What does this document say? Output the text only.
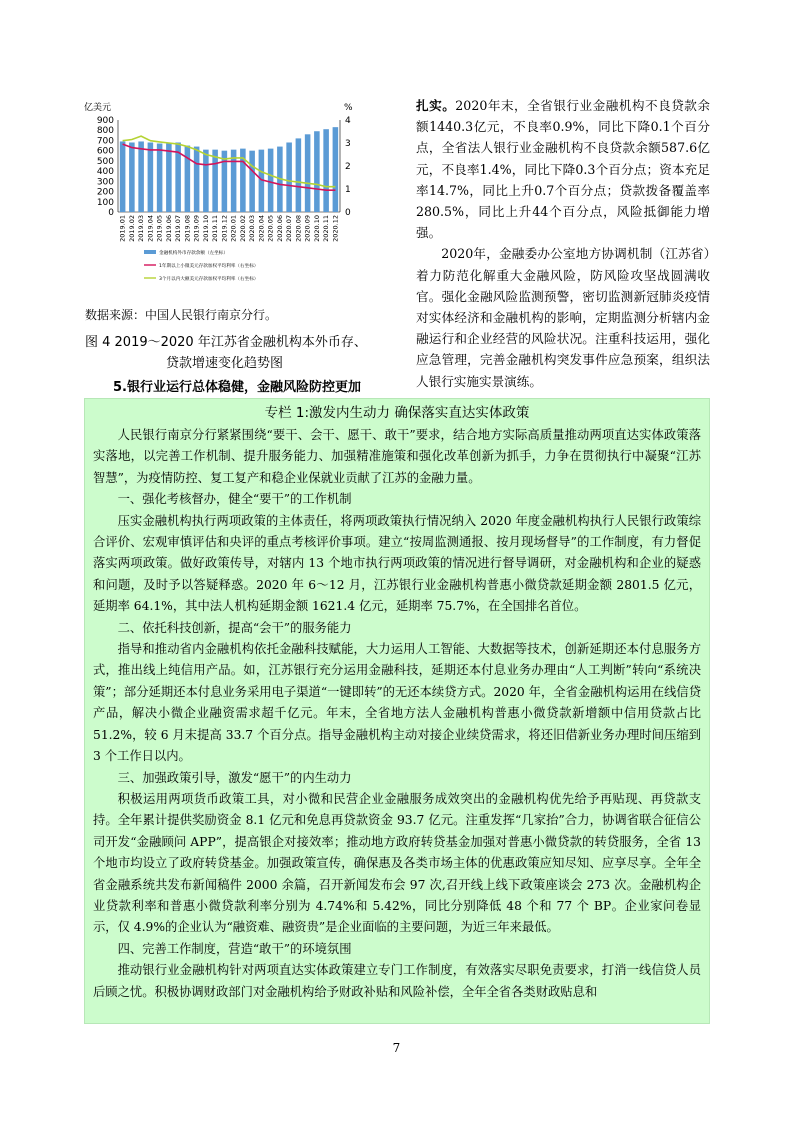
亿美元	%
0
100
200
300
400
500
600
700
800
900
0
1
2
3
4
2019.01 2019.02 2019.03 2019.04 2019.05 2019.06 2019.07 2019.08 2019.09 2019.10 2019.11 2019.12 2020.01 2020.02 2020.03 2020.04 2020.05 2020.06 2020.07 2020.08 2020.09 2020.10 2020.11 2020.12
金融机构外币存款余额（左坐标）
1年期以上小微美元存款加权平均利率（右坐标）
3个月以内大额美元存款加权平均利率（右坐标）
数据来源：中国人民银行南京分行。
图 4 2019～2020 年江苏省金融机构本外币存、
贷款增速变化趋势图
5.银行业运行总体稳健，金融风险防控更加

扎实。2020年末，全省银行业金融机构不良贷款余额1440.3亿元，不良率0.9%，同比下降0.1个百分点，全省法人银行业金融机构不良贷款余额587.6亿元，不良率1.4%，同比下降0.3个百分点；资本充足率14.7%，同比上升0.7个百分点；贷款拨备覆盖率280.5%，同比上升44个百分点，风险抵御能力增强。

2020年，金融委办公室地方协调机制（江苏省）着力防范化解重大金融风险，防风险攻坚战圆满收官。强化金融风险监测预警，密切监测新冠肺炎疫情对实体经济和金融机构的影响，定期监测分析辖内金融运行和企业经营的风险状况。注重科技运用，强化应急管理，完善金融机构突发事件应急预案，组织法人银行实施实景演练。

专栏 1:激发内生动力 确保落实直达实体政策

人民银行南京分行紧紧围绕“要干、会干、愿干、敢干”要求，结合地方实际高质量推动两项直达实体政策落实落地，以完善工作机制、提升服务能力、加强精准施策和强化改革创新为抓手，力争在贯彻执行中凝聚“江苏智慧”，为疫情防控、复工复产和稳企业保就业贡献了江苏的金融力量。

一、强化考核督办，健全“要干”的工作机制

压实金融机构执行两项政策的主体责任，将两项政策执行情况纳入 2020 年度金融机构执行人民银行政策综合评价、宏观审慎评估和央评的重点考核评价事项。建立“按周监测通报、按月现场督导”的工作制度，有力督促落实两项政策。做好政策传导，对辖内 13 个地市执行两项政策的情况进行督导调研，对金融机构和企业的疑惑和问题，及时予以答疑释惑。2020 年 6～12 月，江苏银行业金融机构普惠小微贷款延期金额 2801.5 亿元，延期率 64.1%，其中法人机构延期金额 1621.4 亿元，延期率 75.7%，在全国排名首位。

二、依托科技创新，提高“会干”的服务能力

指导和推动省内金融机构依托金融科技赋能，大力运用人工智能、大数据等技术，创新延期还本付息服务方式，推出线上纯信用产品。如，江苏银行充分运用金融科技，延期还本付息业务办理由“人工判断”转向“系统决策”；部分延期还本付息业务采用电子渠道“一键即转”的无还本续贷方式。2020 年，全省金融机构运用在线信贷产品，解决小微企业融资需求超千亿元。年末，全省地方法人金融机构普惠小微贷款新增额中信用贷款占比 51.2%，较 6 月末提高 33.7 个百分点。指导金融机构主动对接企业续贷需求，将还旧借新业务办理时间压缩到 3 个工作日以内。

三、加强政策引导，激发“愿干”的内生动力

积极运用两项货币政策工具，对小微和民营企业金融服务成效突出的金融机构优先给予再贴现、再贷款支持。全年累计提供奖励资金 8.1 亿元和免息再贷款资金 93.7 亿元。注重发挥“几家抬”合力，协调省联合征信公司开发“金融顾问 APP”，提高银企对接效率；推动地方政府转贷基金加强对普惠小微贷款的转贷服务，全省 13 个地市均设立了政府转贷基金。加强政策宣传，确保惠及各类市场主体的优惠政策应知尽知、应享尽享。全年全省金融系统共发布新闻稿件 2000 余篇，召开新闻发布会 97 次,召开线上线下政策座谈会 273 次。金融机构企业贷款利率和普惠小微贷款利率分别为 4.74%和 5.42%，同比分别降低 48 个和 77 个 BP。企业家问卷显示，仅 4.9%的企业认为“融资难、融资贵”是企业面临的主要问题，为近三年来最低。

四、完善工作制度，营造“敢干”的环境氛围

推动银行业金融机构针对两项直达实体政策建立专门工作制度，有效落实尽职免责要求，打消一线信贷人员后顾之忧。积极协调财政部门对金融机构给予财政补贴和风险补偿，全年全省各类财政贴息和

7
